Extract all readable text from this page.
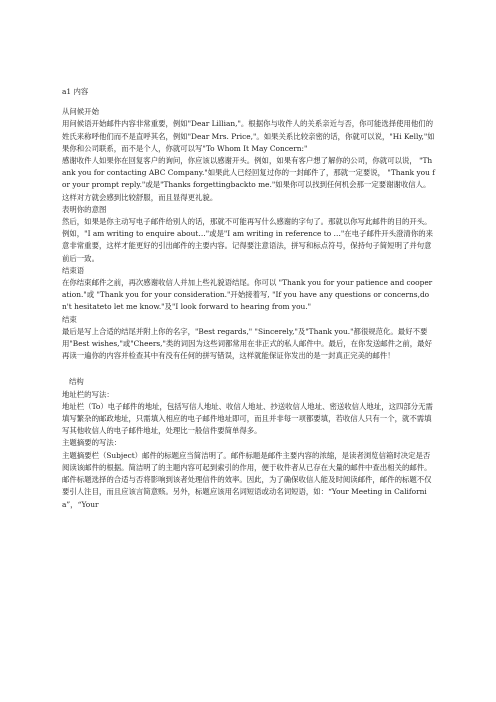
a1 内容

从问候开始

用问候语开始邮件内容非常重要，例如"Dear Lillian,"。根据你与收件人的关系亲近与否，你可能选择使用他们的姓氏来称呼他们而不是直呼其名，例如"Dear Mrs. Price,"。如果关系比较亲密的话，你就可以说，"Hi Kelly,"如果你和公司联系，而不是个人，你就可以写"To Whom It May Concern:"

感谢收件人如果你在回复客户的询问，你应该以感谢开头。例如，如果有客户想了解你的公司，你就可以说， "Thank you for contacting ABC Company."如果此人已经回复过你的一封邮件了，那就一定要说， "Thank you for your prompt reply."或是"Thanks forgettingbackto me."如果你可以找到任何机会那一定要谢谢收信人。这样对方就会感到比较舒服，而且显得更礼貌。

表明你的意图

然后，如果是你主动写电子邮件给别人的话，那就不可能再写什么感谢的字句了。那就以你写此邮件的目的开头。例如，"I am writing to enquire about…"或是"I am writing in reference to …"在电子邮件开头澄清你的来意非常重要，这样才能更好的引出邮件的主要内容。记得要注意语法，拼写和标点符号，保持句子简短明了并句意前后一致。

结束语

在你结束邮件之前，再次感谢收信人并加上些礼貌语结尾。你可以 "Thank you for your patience and cooperation."或 "Thank you for your consideration."开始接着写, "If you have any questions or concerns,don't hesitateto let me know."及"I look forward to hearing from you."

结束

最后是写上合适的结尾并附上你的名字，"Best regards," "Sincerely,"及"Thank you."都很规范化。最好不要用"Best wishes,"或"Cheers,"类的词因为这些词都常用在非正式的私人邮件中。最后，在你发送邮件之前，最好再读一遍你的内容并检查其中有没有任何的拼写错误，这样就能保证你发出的是一封真正完美的邮件！

结构

地址栏的写法：

地址栏（To）电子邮件的地址，包括写信人地址、收信人地址、抄送收信人地址、密送收信人地址，这四部分无需填写繁杂的邮政地址，只需填入相应的电子邮件地址即可，而且并非每一项都要填，若收信人只有一个，就不需填写其他收信人的电子邮件地址，处理比一般信件要简单得多。

主题摘要的写法：

主题摘要栏（Subject）邮件的标题应当简洁明了。邮件标题是邮件主要内容的浓缩，是读者浏览信箱时决定是否阅读该邮件的根据。简洁明了的主题内容可起到索引的作用，便于收件者从已存在大量的邮件中查出相关的邮件。邮件标题选择的合适与否将影响到该者处理信件的效率。因此，为了确保收信人能及时阅读邮件，邮件的标题不仅要引人注目，而且应该言简意赅。另外，标题应该用名词短语或动名词短语，如：“Your Meeting in California”，“Your
